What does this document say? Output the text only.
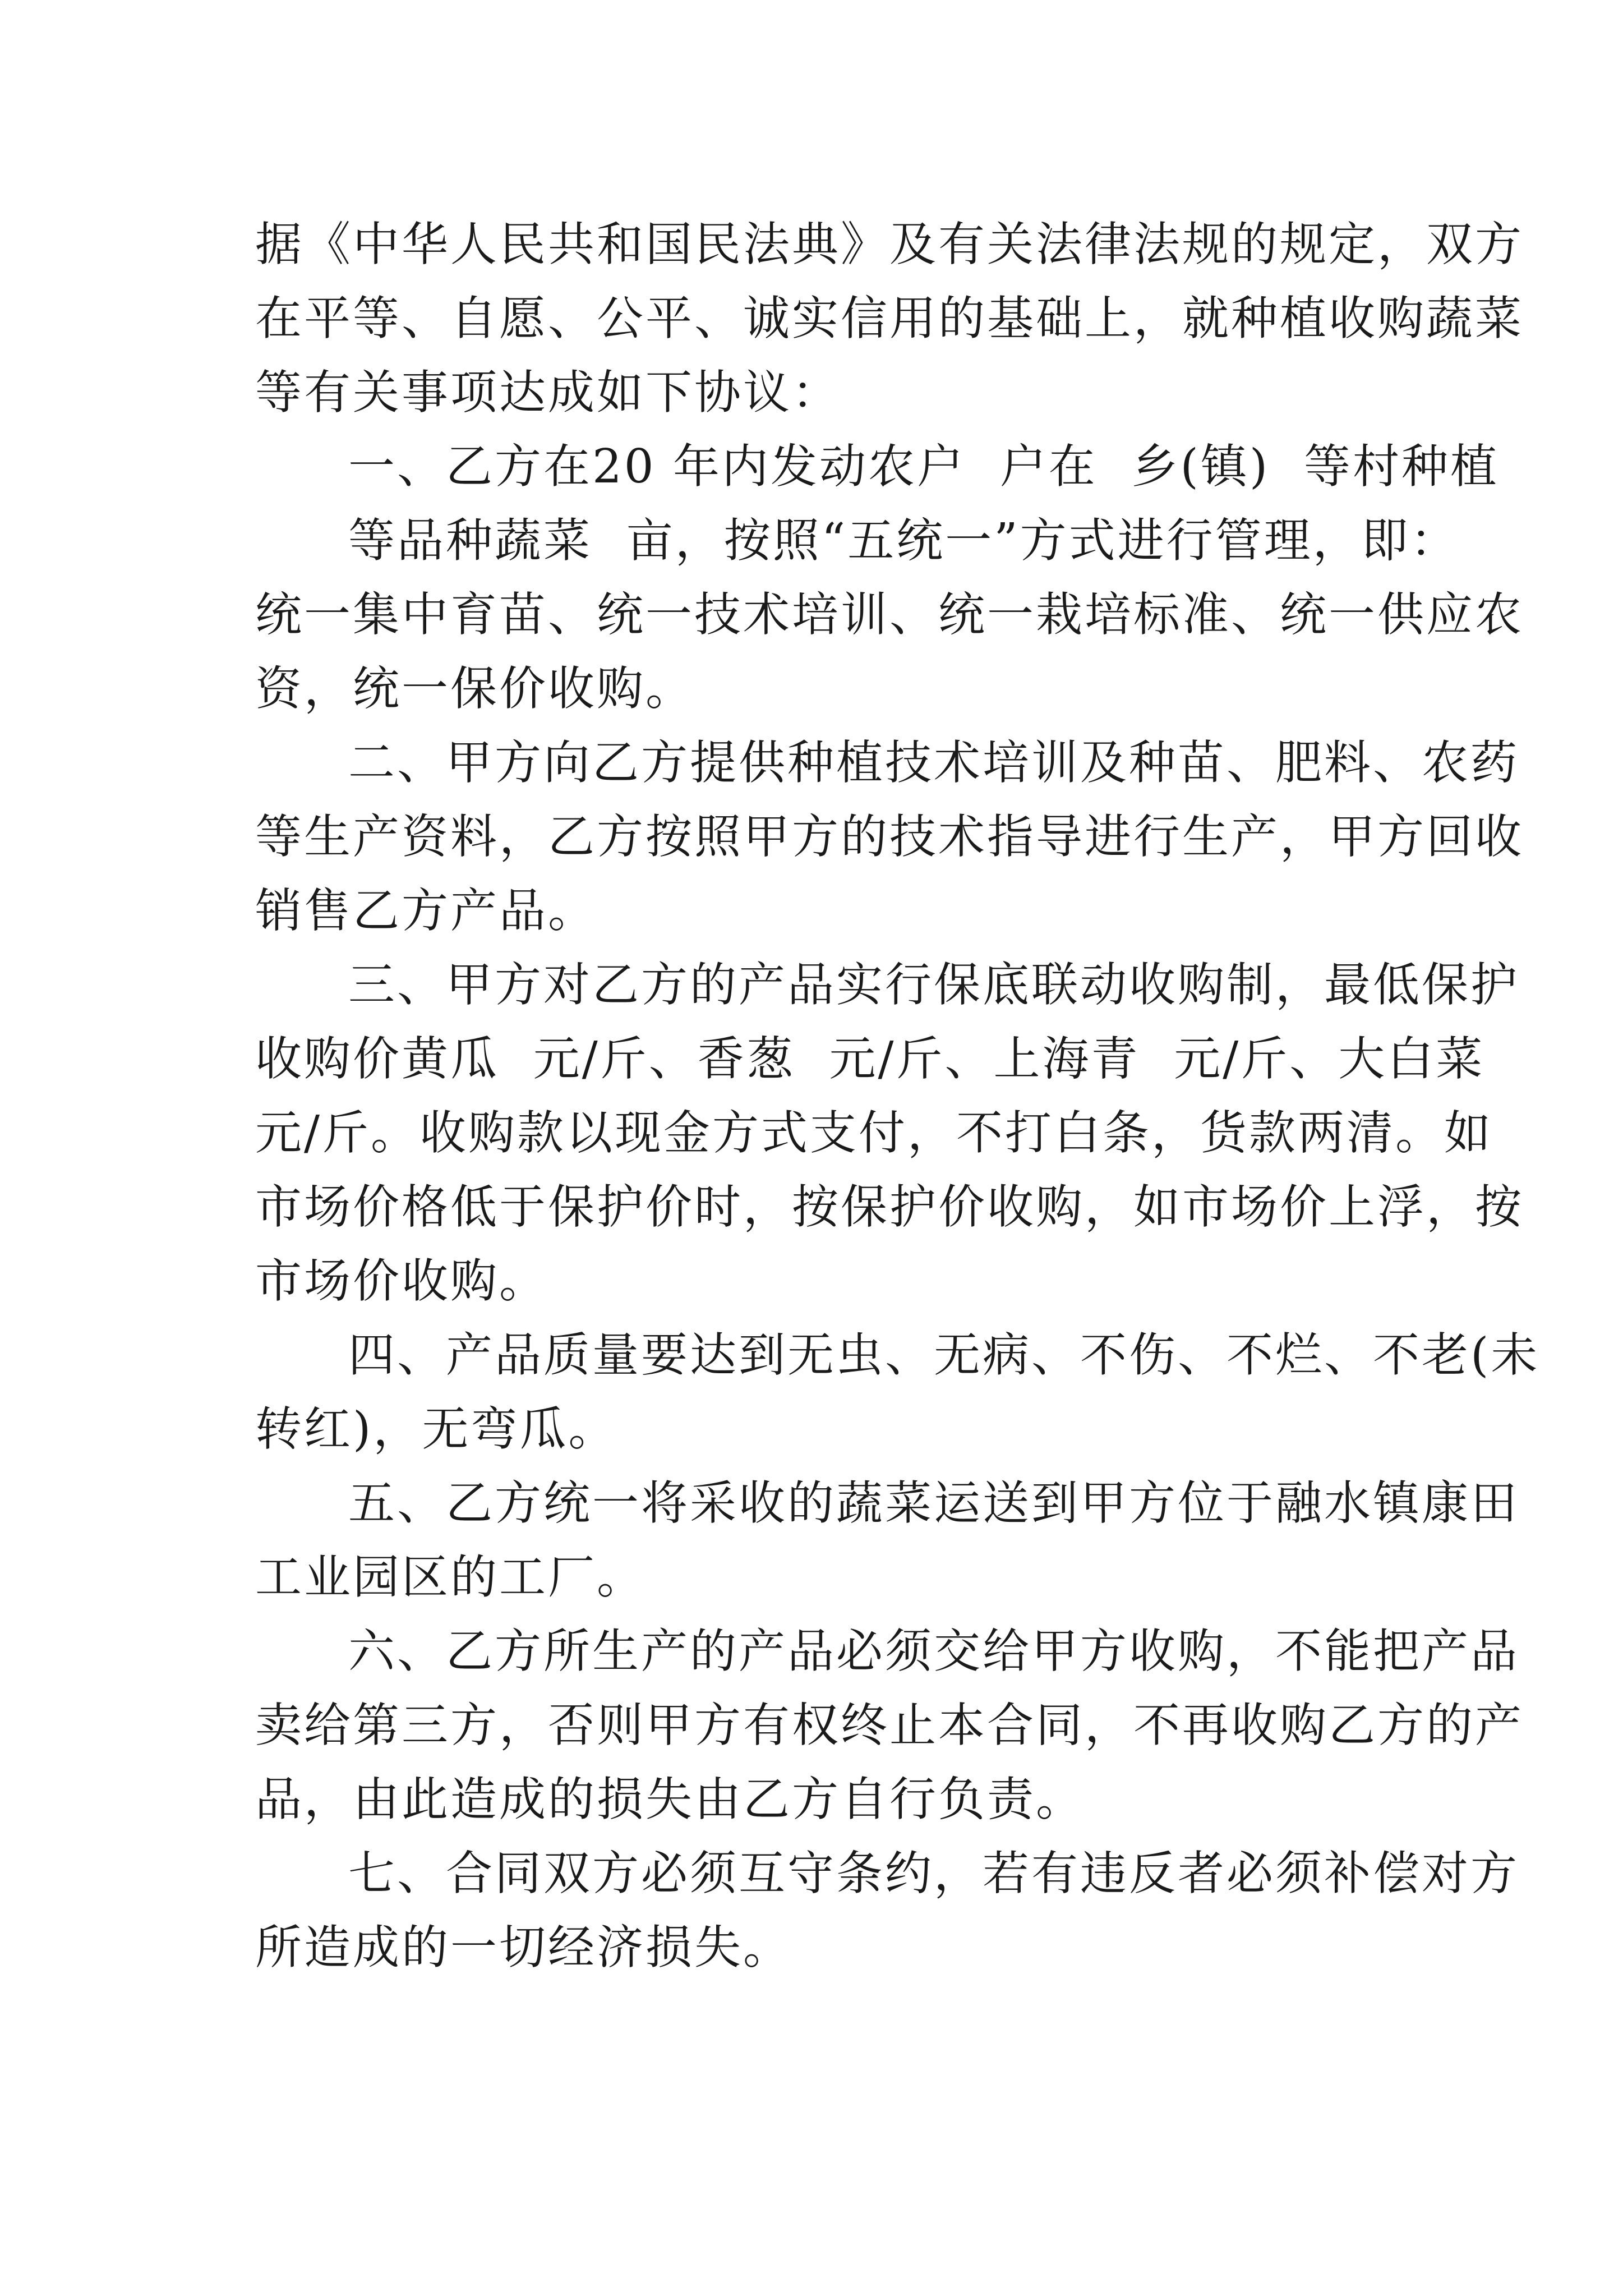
据《中华人民共和国民法典》及有关法律法规的规定，双方
在平等、自愿、公平、诚实信用的基础上，就种植收购蔬菜
等有关事项达成如下协议：

一、乙方在20 年内发动农户  户在  乡(镇)  等村种植
等品种蔬菜  亩，按照“五统一”方式进行管理，即：

统一集中育苗、统一技术培训、统一栽培标准、统一供应农
资，统一保价收购。

二、甲方向乙方提供种植技术培训及种苗、肥料、农药
等生产资料，乙方按照甲方的技术指导进行生产，甲方回收
销售乙方产品。

三、甲方对乙方的产品实行保底联动收购制，最低保护
收购价黄瓜  元/斤、香葱  元/斤、上海青  元/斤、大白菜
元/斤。收购款以现金方式支付，不打白条，货款两清。如
市场价格低于保护价时，按保护价收购，如市场价上浮，按
市场价收购。

四、产品质量要达到无虫、无病、不伤、不烂、不老(未
转红)，无弯瓜。

五、乙方统一将采收的蔬菜运送到甲方位于融水镇康田
工业园区的工厂。

六、乙方所生产的产品必须交给甲方收购，不能把产品
卖给第三方，否则甲方有权终止本合同，不再收购乙方的产
品，由此造成的损失由乙方自行负责。

七、合同双方必须互守条约，若有违反者必须补偿对方
所造成的一切经济损失。
